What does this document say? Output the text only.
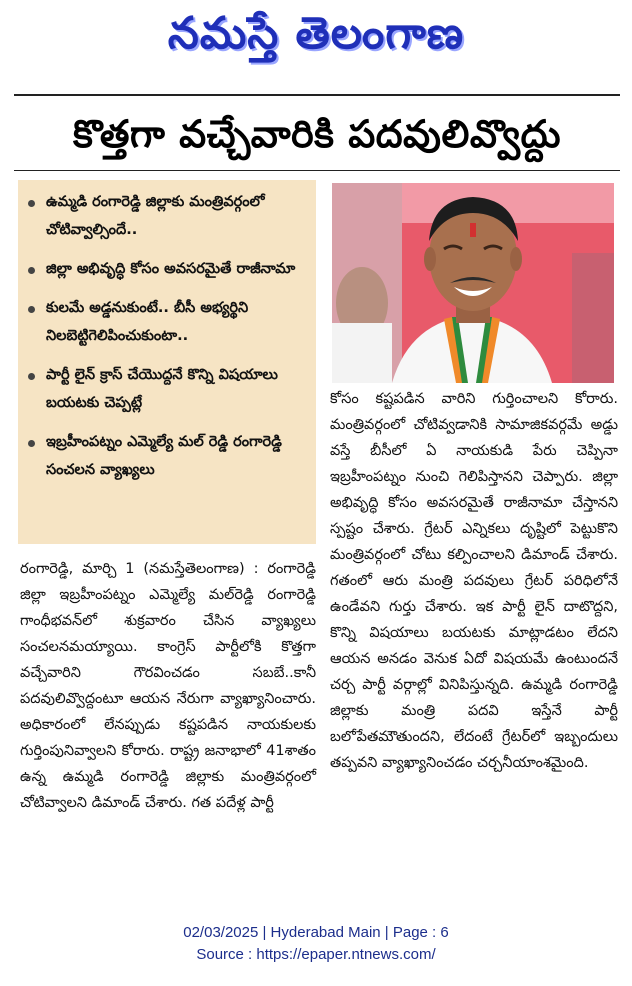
నమస్తే తెలంగాణ
కొత్తగా వచ్చేవారికి పదవులివ్వొద్దు
ఉమ్మడి రంగారెడ్డి జిల్లాకు మంత్రివర్గంలో చోటివ్వాల్సిందే..
జిల్లా అభివృద్ధి కోసం అవసరమైతే రాజీనామా
కులమే అడ్డనుకుంటే.. బీసీ అభ్యర్థిని నిలబెట్టిగెలిపించుకుంటా..
పార్టీ లైన్ క్రాస్ చేయొద్దనే కొన్ని విషయాలు బయటకు చెప్పట్లే
ఇబ్రహీంపట్నం ఎమ్మెల్యే మల్ రెడ్డి రంగారెడ్డి సంచలన వ్యాఖ్యలు
రంగారెడ్డి, మార్చి 1 (నమస్తేతెలంగాణ) : రంగారెడ్డి జిల్లా ఇబ్రహీంపట్నం ఎమ్మెల్యే మల్‌రెడ్డి రంగారెడ్డి గాంధీభవన్‌లో శుక్రవారం చేసిన వ్యాఖ్యలు సంచలనమయ్యాయి. కాంగ్రెస్ పార్టీలోకి కొత్తగా వచ్చేవారిని గౌరవించడం సబబే..కానీ పదవులివ్వొద్దంటూ ఆయన నేరుగా వ్యాఖ్యానించారు. అధికారంలో లేనప్పుడు కష్టపడిన నాయకులకు గుర్తింపునివ్వాలని కోరారు. రాష్ట్ర జనాభాలో 41శాతం ఉన్న ఉమ్మడి రంగారెడ్డి జిల్లాకు మంత్రివర్గంలో చోటివ్వాలని డిమాండ్ చేశారు. గత పదేళ్ల పార్టీ
కోసం కష్టపడిన వారిని గుర్తించాలని కోరారు. మంత్రివర్గంలో చోటివ్వడానికి సామాజికవర్గమే అడ్డు వస్తే బీసీలో ఏ నాయకుడి పేరు చెప్పినా ఇబ్రహీంపట్నం నుంచి గెలిపిస్తానని చెప్పారు. జిల్లా అభివృద్ధి కోసం అవసరమైతే రాజీనామా చేస్తానని స్పష్టం చేశారు. గ్రేటర్ ఎన్నికలు దృష్టిలో పెట్టుకొని మంత్రివర్గంలో చోటు కల్పించాలని డిమాండ్ చేశారు. గతంలో ఆరు మంత్రి పదవులు గ్రేటర్ పరిధిలోనే ఉండేవని గుర్తు చేశారు. ఇక పార్టీ లైన్ దాటొద్దని, కొన్ని విషయాలు బయటకు మాట్లాడటం లేదని ఆయన అనడం వెనుక ఏదో విషయమే ఉంటుందనే చర్చ పార్టీ వర్గాల్లో వినిపిస్తున్నది. ఉమ్మడి రంగారెడ్డి జిల్లాకు మంత్రి పదవి ఇస్తేనే పార్టీ బలోపేతమౌతుందని, లేదంటే గ్రేటర్‌లో ఇబ్బందులు తప్పవని వ్యాఖ్యానించడం చర్చనీయాంశమైంది.
02/03/2025 | Hyderabad Main | Page : 6
Source : https://epaper.ntnews.com/
